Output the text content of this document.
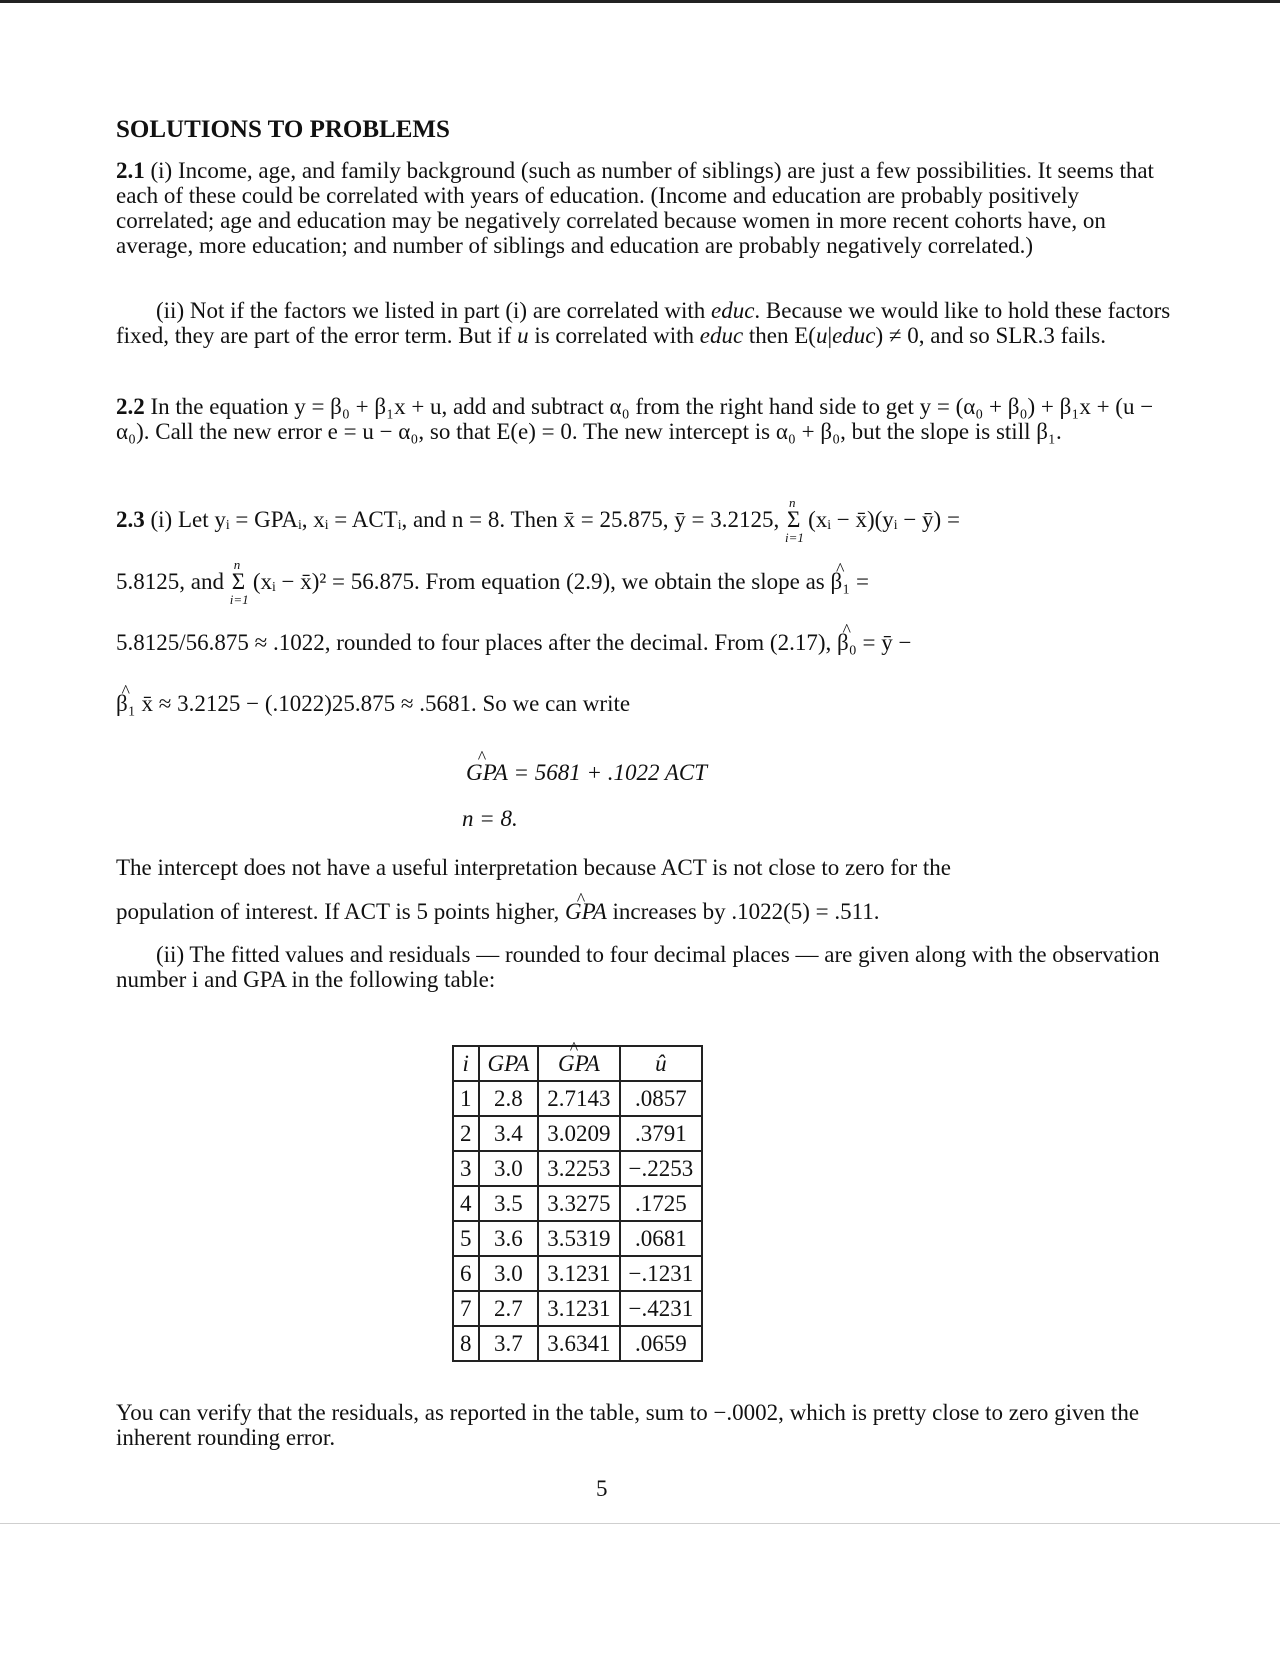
SOLUTIONS TO PROBLEMS
2.1 (i) Income, age, and family background (such as number of siblings) are just a few possibilities. It seems that each of these could be correlated with years of education. (Income and education are probably positively correlated; age and education may be negatively correlated because women in more recent cohorts have, on average, more education; and number of siblings and education are probably negatively correlated.)
(ii) Not if the factors we listed in part (i) are correlated with educ. Because we would like to hold these factors fixed, they are part of the error term. But if u is correlated with educ then E(u|educ) ≠ 0, and so SLR.3 fails.
2.2 In the equation y = β₀ + β₁x + u, add and subtract α₀ from the right hand side to get y = (α₀ + β₀) + β₁x + (u − α₀). Call the new error e = u − α₀, so that E(e) = 0. The new intercept is α₀ + β₀, but the slope is still β₁.
2.3 (i) Let yᵢ = GPAᵢ, xᵢ = ACTᵢ, and n = 8. Then x̄ = 25.875, ȳ = 3.2125,
n
Σ
i=1
(xᵢ − x̄)(yᵢ − ȳ) =
5.8125, and
n
Σ
i=1
(xᵢ − x̄)² = 56.875. From equation (2.9), we obtain the slope as ^ β₁ =
5.8125/56.875 ≈ .1022, rounded to four places after the decimal. From (2.17), ^ β₀ = ȳ −
^ β₁ x̄ ≈ 3.2125 − (.1022)25.875 ≈ .5681. So we can write
^ GPA = 5681 + .1022 ACT
n = 8.
The intercept does not have a useful interpretation because ACT is not close to zero for the
population of interest. If ACT is 5 points higher, ^ GPA increases by .1022(5) = .511.
(ii) The fitted values and residuals — rounded to four decimal places — are given along with the observation number i and GPA in the following table:
i	GPA	^ GPA	û
1	2.8	2.7143	.0857
2	3.4	3.0209	.3791
3	3.0	3.2253	−.2253
4	3.5	3.3275	.1725
5	3.6	3.5319	.0681
6	3.0	3.1231	−.1231
7	2.7	3.1231	−.4231
8	3.7	3.6341	.0659
You can verify that the residuals, as reported in the table, sum to −.0002, which is pretty close to zero given the inherent rounding error.
5
